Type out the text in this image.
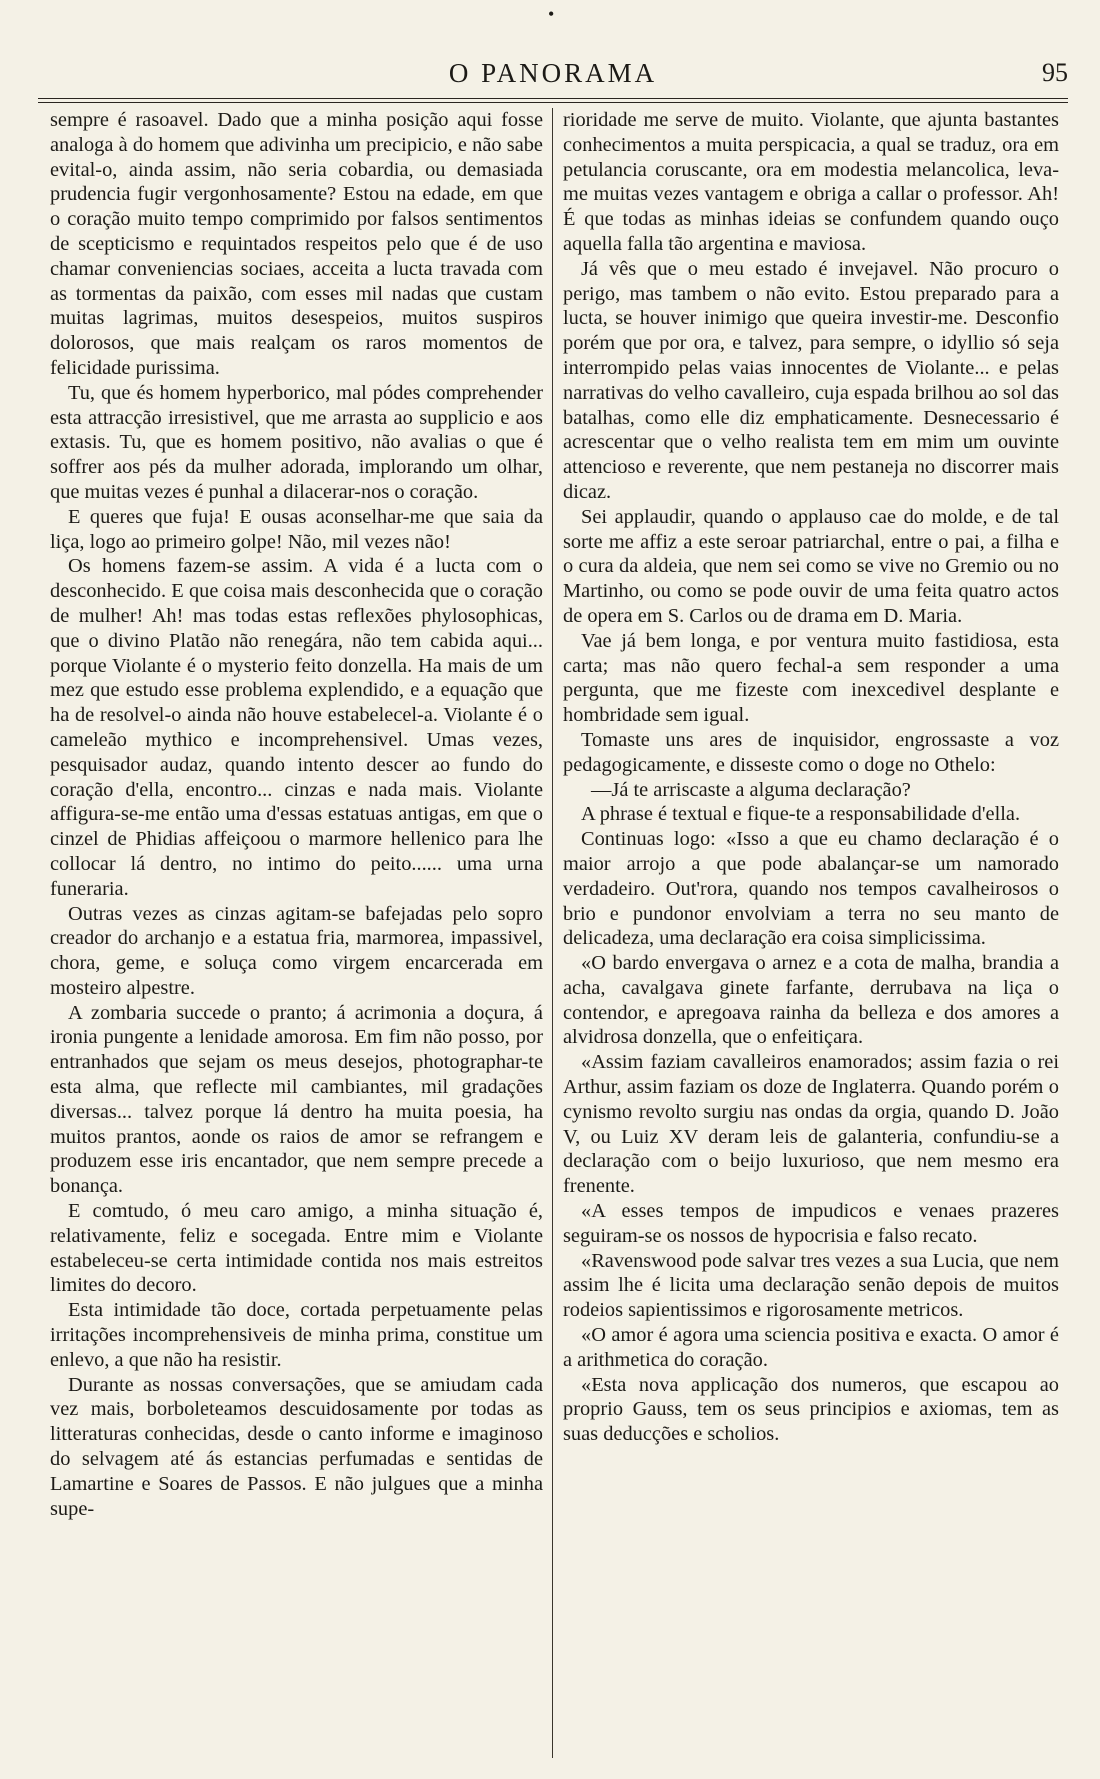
•
O PANORAMA	95

sempre é rasoavel. Dado que a minha posição aqui fosse analoga à do homem que adivinha um precipicio, e não sabe evital-o, ainda assim, não seria cobardia, ou demasiada prudencia fugir vergonhosamente? Estou na edade, em que o coração muito tempo comprimido por falsos sentimentos de scepticismo e requintados respeitos pelo que é de uso chamar conveniencias sociaes, acceita a lucta travada com as tormentas da paixão, com esses mil nadas que custam muitas lagrimas, muitos desespeios, muitos suspiros dolorosos, que mais realçam os raros momentos de felicidade purissima.

Tu, que és homem hyperborico, mal pódes comprehender esta attracção irresistivel, que me arrasta ao supplicio e aos extasis. Tu, que es homem positivo, não avalias o que é soffrer aos pés da mulher adorada, implorando um olhar, que muitas vezes é punhal a dilacerar-nos o coração.

E queres que fuja! E ousas aconselhar-me que saia da liça, logo ao primeiro golpe! Não, mil vezes não!

Os homens fazem-se assim. A vida é a lucta com o desconhecido. E que coisa mais desconhecida que o coração de mulher! Ah! mas todas estas reflexões phylosophicas, que o divino Platão não renegára, não tem cabida aqui... porque Violante é o mysterio feito donzella. Ha mais de um mez que estudo esse problema explendido, e a equação que ha de resolvel-o ainda não houve estabelecel-a. Violante é o cameleão mythico e incomprehensivel. Umas vezes, pesquisador audaz, quando intento descer ao fundo do coração d'ella, encontro... cinzas e nada mais. Violante affigura-se-me então uma d'essas estatuas antigas, em que o cinzel de Phidias affeiçoou o marmore hellenico para lhe collocar lá dentro, no intimo do peito...... uma urna funeraria.

Outras vezes as cinzas agitam-se bafejadas pelo sopro creador do archanjo e a estatua fria, marmorea, impassivel, chora, geme, e soluça como virgem encarcerada em mosteiro alpestre.

A zombaria succede o pranto; á acrimonia a doçura, á ironia pungente a lenidade amorosa. Em fim não posso, por entranhados que sejam os meus desejos, photographar-te esta alma, que reflecte mil cambiantes, mil gradações diversas... talvez porque lá dentro ha muita poesia, ha muitos prantos, aonde os raios de amor se refrangem e produzem esse iris encantador, que nem sempre precede a bonança.

E comtudo, ó meu caro amigo, a minha situação é, relativamente, feliz e socegada. Entre mim e Violante estabeleceu-se certa intimidade contida nos mais estreitos limites do decoro.

Esta intimidade tão doce, cortada perpetuamente pelas irritações incomprehensiveis de minha prima, constitue um enlevo, a que não ha resistir.

Durante as nossas conversações, que se amiudam cada vez mais, borboleteamos descuidosamente por todas as litteraturas conhecidas, desde o canto informe e imaginoso do selvagem até ás estancias perfumadas e sentidas de Lamartine e Soares de Passos. E não julgues que a minha supe-

rioridade me serve de muito. Violante, que ajunta bastantes conhecimentos a muita perspicacia, a qual se traduz, ora em petulancia coruscante, ora em modestia melancolica, leva-me muitas vezes vantagem e obriga a callar o professor. Ah! É que todas as minhas ideias se confundem quando ouço aquella falla tão argentina e maviosa.

Já vês que o meu estado é invejavel. Não procuro o perigo, mas tambem o não evito. Estou preparado para a lucta, se houver inimigo que queira investir-me. Desconfio porém que por ora, e talvez, para sempre, o idyllio só seja interrompido pelas vaias innocentes de Violante... e pelas narrativas do velho cavalleiro, cuja espada brilhou ao sol das batalhas, como elle diz emphaticamente. Desnecessario é acrescentar que o velho realista tem em mim um ouvinte attencioso e reverente, que nem pestaneja no discorrer mais dicaz.

Sei applaudir, quando o applauso cae do molde, e de tal sorte me affiz a este seroar patriarchal, entre o pai, a filha e o cura da aldeia, que nem sei como se vive no Gremio ou no Martinho, ou como se pode ouvir de uma feita quatro actos de opera em S. Carlos ou de drama em D. Maria.

Vae já bem longa, e por ventura muito fastidiosa, esta carta; mas não quero fechal-a sem responder a uma pergunta, que me fizeste com inexcedivel desplante e hombridade sem igual.

Tomaste uns ares de inquisidor, engrossaste a voz pedagogicamente, e disseste como o doge no Othelo:

—Já te arriscaste a alguma declaração?

A phrase é textual e fique-te a responsabilidade d'ella.

Continuas logo: «Isso a que eu chamo declaração é o maior arrojo a que pode abalançar-se um namorado verdadeiro. Out'rora, quando nos tempos cavalheirosos o brio e pundonor envolviam a terra no seu manto de delicadeza, uma declaração era coisa simplicissima.

«O bardo envergava o arnez e a cota de malha, brandia a acha, cavalgava ginete farfante, derrubava na liça o contendor, e apregoava rainha da belleza e dos amores a alvidrosa donzella, que o enfeitiçara.

«Assim faziam cavalleiros enamorados; assim fazia o rei Arthur, assim faziam os doze de Inglaterra. Quando porém o cynismo revolto surgiu nas ondas da orgia, quando D. João V, ou Luiz XV deram leis de galanteria, confundiu-se a declaração com o beijo luxurioso, que nem mesmo era frenente.

«A esses tempos de impudicos e venaes prazeres seguiram-se os nossos de hypocrisia e falso recato.

«Ravenswood pode salvar tres vezes a sua Lucia, que nem assim lhe é licita uma declaração senão depois de muitos rodeios sapientissimos e rigorosamente metricos.

«O amor é agora uma sciencia positiva e exacta. O amor é a arithmetica do coração.

«Esta nova applicação dos numeros, que escapou ao proprio Gauss, tem os seus principios e axiomas, tem as suas deducções e scholios.
